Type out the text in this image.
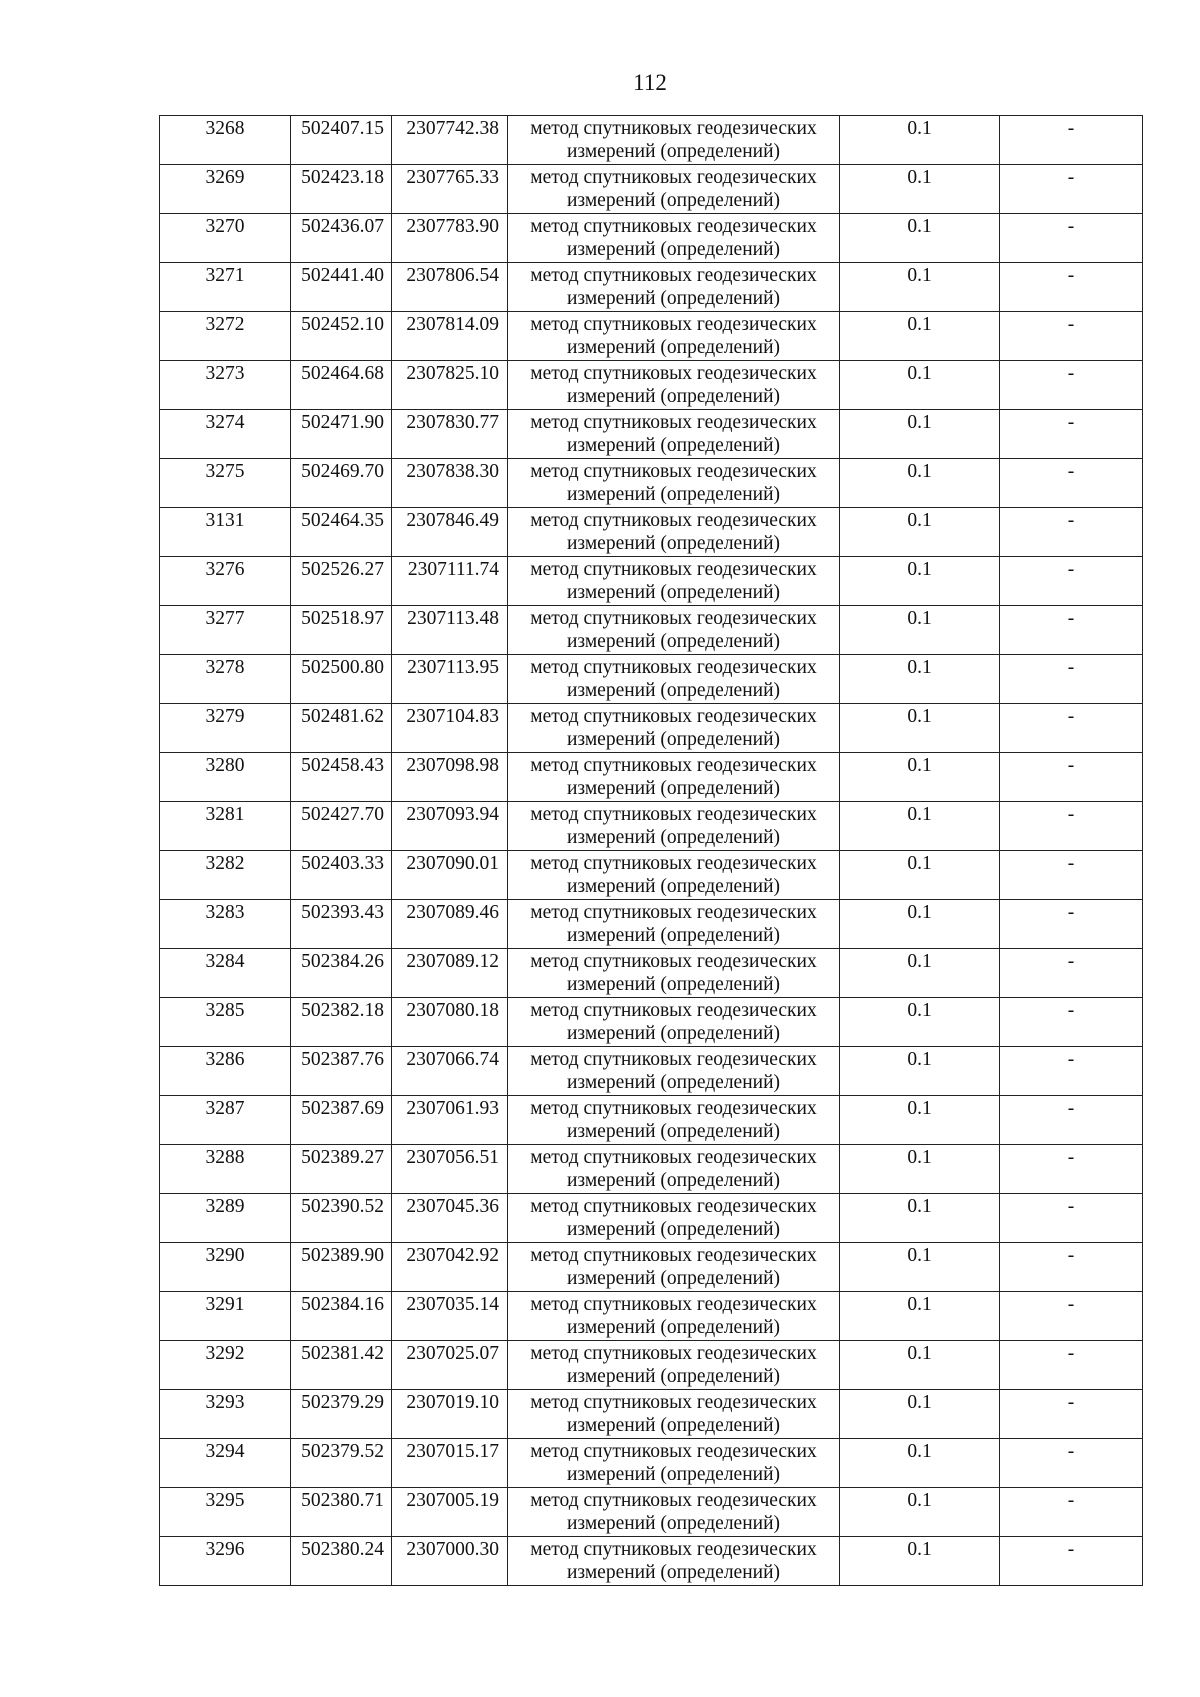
112
3268	502407.15	2307742.38	метод спутниковых геодезических
измерений (определений)	0.1	-
3269	502423.18	2307765.33	метод спутниковых геодезических
измерений (определений)	0.1	-
3270	502436.07	2307783.90	метод спутниковых геодезических
измерений (определений)	0.1	-
3271	502441.40	2307806.54	метод спутниковых геодезических
измерений (определений)	0.1	-
3272	502452.10	2307814.09	метод спутниковых геодезических
измерений (определений)	0.1	-
3273	502464.68	2307825.10	метод спутниковых геодезических
измерений (определений)	0.1	-
3274	502471.90	2307830.77	метод спутниковых геодезических
измерений (определений)	0.1	-
3275	502469.70	2307838.30	метод спутниковых геодезических
измерений (определений)	0.1	-
3131	502464.35	2307846.49	метод спутниковых геодезических
измерений (определений)	0.1	-
3276	502526.27	2307111.74	метод спутниковых геодезических
измерений (определений)	0.1	-
3277	502518.97	2307113.48	метод спутниковых геодезических
измерений (определений)	0.1	-
3278	502500.80	2307113.95	метод спутниковых геодезических
измерений (определений)	0.1	-
3279	502481.62	2307104.83	метод спутниковых геодезических
измерений (определений)	0.1	-
3280	502458.43	2307098.98	метод спутниковых геодезических
измерений (определений)	0.1	-
3281	502427.70	2307093.94	метод спутниковых геодезических
измерений (определений)	0.1	-
3282	502403.33	2307090.01	метод спутниковых геодезических
измерений (определений)	0.1	-
3283	502393.43	2307089.46	метод спутниковых геодезических
измерений (определений)	0.1	-
3284	502384.26	2307089.12	метод спутниковых геодезических
измерений (определений)	0.1	-
3285	502382.18	2307080.18	метод спутниковых геодезических
измерений (определений)	0.1	-
3286	502387.76	2307066.74	метод спутниковых геодезических
измерений (определений)	0.1	-
3287	502387.69	2307061.93	метод спутниковых геодезических
измерений (определений)	0.1	-
3288	502389.27	2307056.51	метод спутниковых геодезических
измерений (определений)	0.1	-
3289	502390.52	2307045.36	метод спутниковых геодезических
измерений (определений)	0.1	-
3290	502389.90	2307042.92	метод спутниковых геодезических
измерений (определений)	0.1	-
3291	502384.16	2307035.14	метод спутниковых геодезических
измерений (определений)	0.1	-
3292	502381.42	2307025.07	метод спутниковых геодезических
измерений (определений)	0.1	-
3293	502379.29	2307019.10	метод спутниковых геодезических
измерений (определений)	0.1	-
3294	502379.52	2307015.17	метод спутниковых геодезических
измерений (определений)	0.1	-
3295	502380.71	2307005.19	метод спутниковых геодезических
измерений (определений)	0.1	-
3296	502380.24	2307000.30	метод спутниковых геодезических
измерений (определений)	0.1	-
